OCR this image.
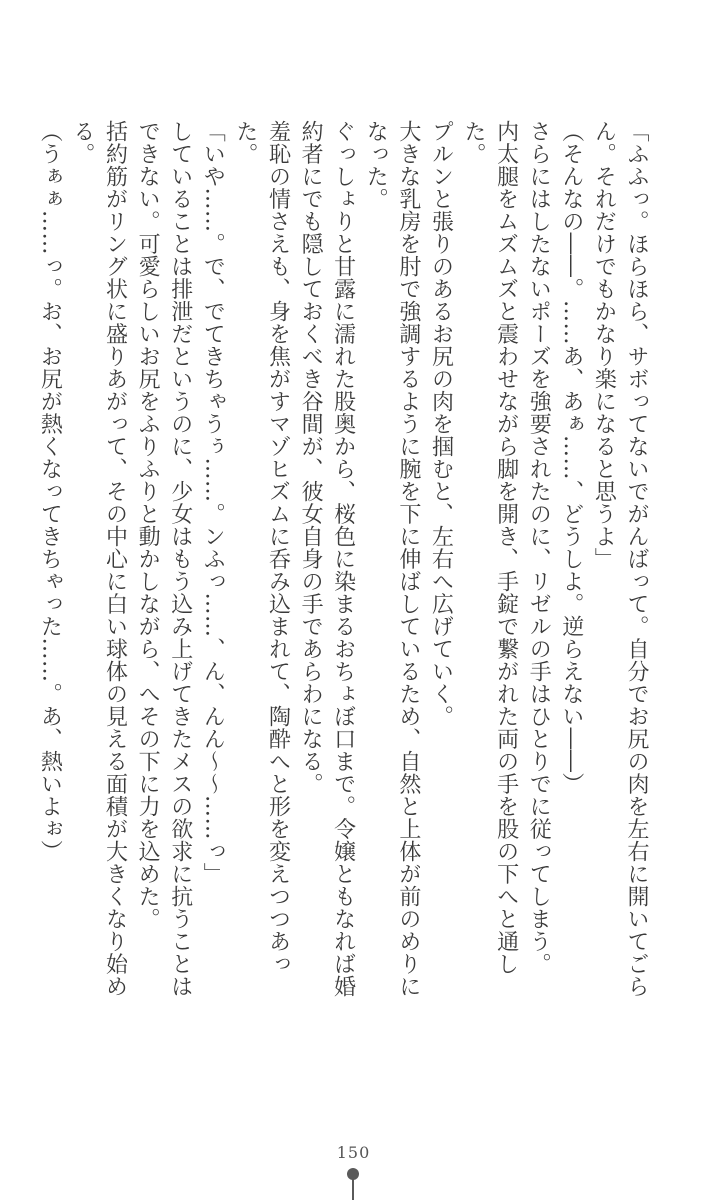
「ふふっ。ほらほら、サボってないでがんばって。自分でお尻の肉を左右に開いてごらん。それだけでもかなり楽になると思うよ」
（そんなの――。……あ、あぁ……、どうしよ。逆らえない――）
さらにはしたないポーズを強要されたのに、リゼルの手はひとりでに従ってしまう。
内太腿をムズムズと震わせながら脚を開き、手錠で繋がれた両の手を股の下へと通した。
プルンと張りのあるお尻の肉を掴むと、左右へ広げていく。
大きな乳房を肘で強調するように腕を下に伸ばしているため、自然と上体が前のめりになった。
ぐっしょりと甘露に濡れた股奥から、桜色に染まるおちょぼ口まで。令嬢ともなれば婚約者にでも隠しておくべき谷間が、彼女自身の手であらわになる。
羞恥の情さえも、身を焦がすマゾヒズムに呑み込まれて、陶酔へと形を変えつつあった。
「いや……。で、でてきちゃうぅ……。ンふっ……、ん、んん～～……っ」
していることは排泄だというのに、少女はもう込み上げてきたメスの欲求に抗うことはできない。可愛らしいお尻をふりふりと動かしながら、へその下に力を込めた。
括約筋がリング状に盛りあがって、その中心に白い球体の見える面積が大きくなり始める。
（うぁぁ……っ。お、お尻が熱くなってきちゃった……。あ、熱いよぉ）
150
